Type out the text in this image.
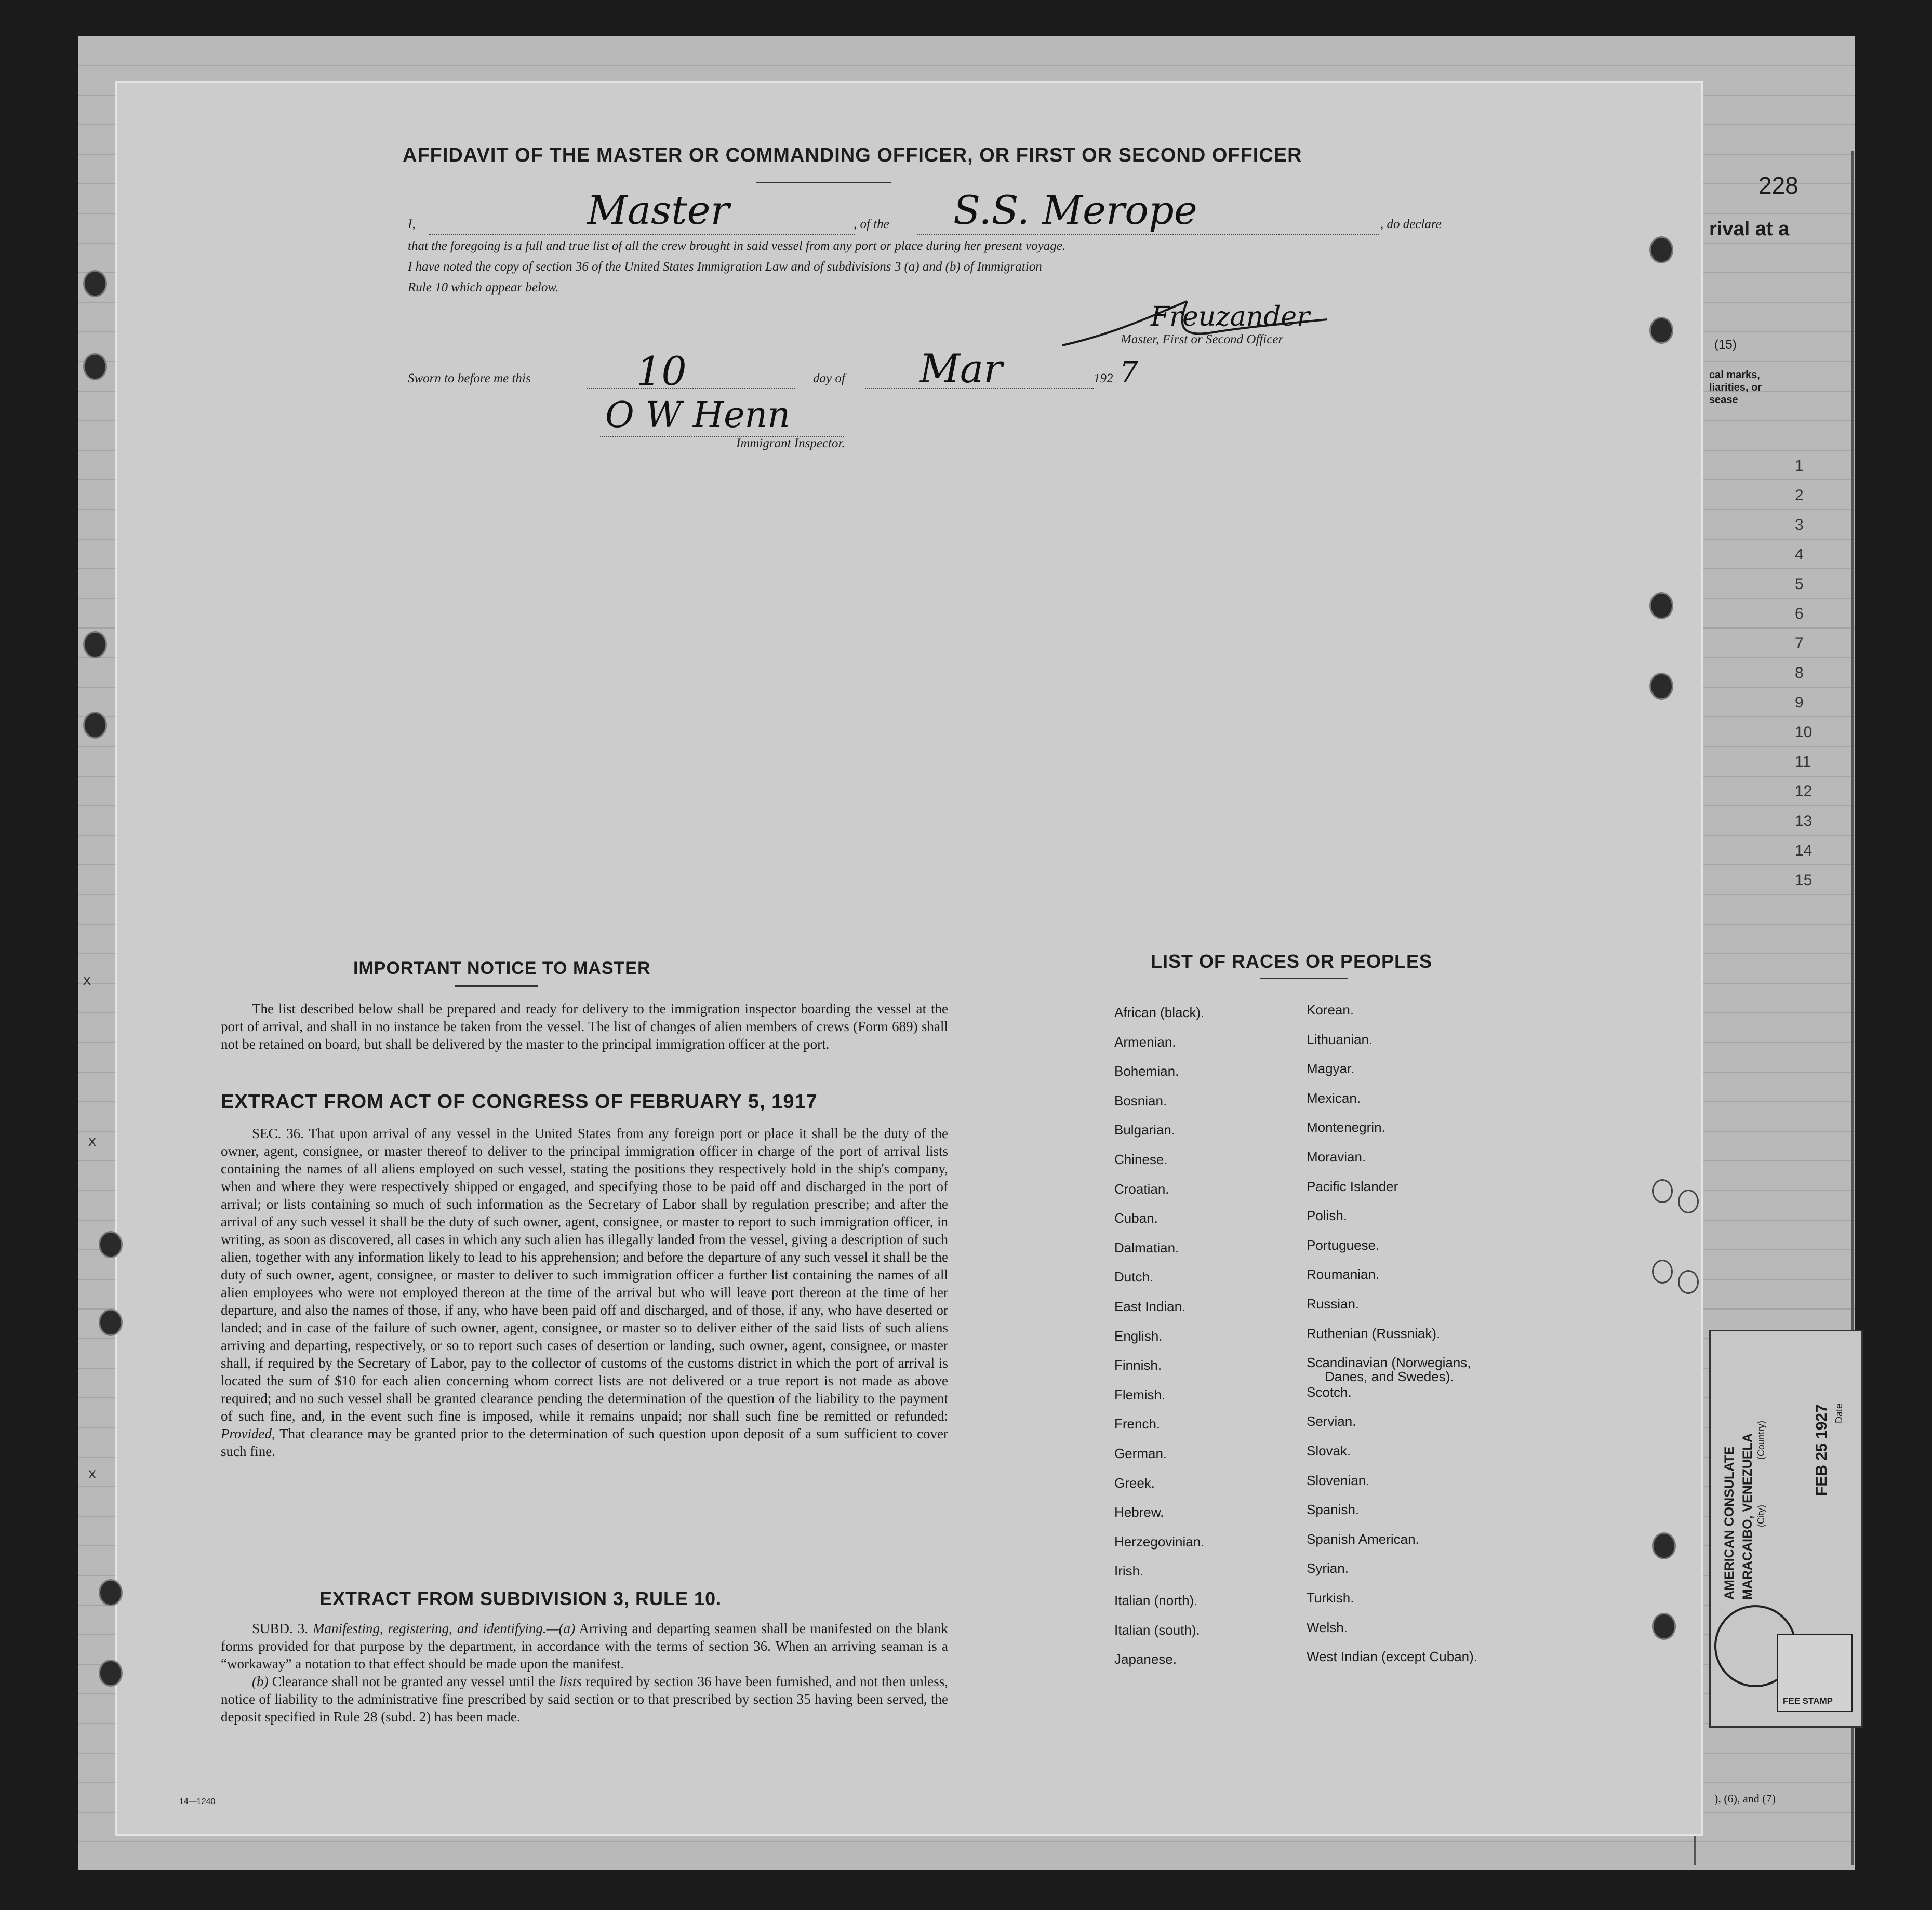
228
rival at a
(15)
cal marks,
liarities, or
sease
), (6), and (7)
1
2
3
4
5
6
7
8
9
10
11
12
13
14
15
AFFIDAVIT OF THE MASTER OR COMMANDING OFFICER, OR FIRST OR SECOND OFFICER
I,	Master	, of the S.S. Merope	, do declare
that the foregoing is a full and true list of all the crew brought in said vessel from any port or place during her present voyage.
I have noted the copy of section 36 of the United States Immigration Law and of subdivisions 3 (a) and (b) of Immigration
Rule 10 which appear below.
Freuzander
Master, First or Second Officer
Sworn to before me this	10	day of Mar	192 7
O W Henn
Immigrant Inspector.
IMPORTANT NOTICE TO MASTER
The list described below shall be prepared and ready for delivery to the immigration inspector boarding the vessel at the port of arrival, and shall in no instance be taken from the vessel. The list of changes of alien members of crews (Form 689) shall not be retained on board, but shall be delivered by the master to the principal immigration officer at the port.
EXTRACT FROM ACT OF CONGRESS OF FEBRUARY 5, 1917
SEC. 36. That upon arrival of any vessel in the United States from any foreign port or place it shall be the duty of the owner, agent, consignee, or master thereof to deliver to the principal immigration officer in charge of the port of arrival lists containing the names of all aliens employed on such vessel, stating the positions they respectively hold in the ship's company, when and where they were respectively shipped or engaged, and specifying those to be paid off and discharged in the port of arrival; or lists containing so much of such information as the Secretary of Labor shall by regulation prescribe; and after the arrival of any such vessel it shall be the duty of such owner, agent, consignee, or master to report to such immigration officer, in writing, as soon as discovered, all cases in which any such alien has illegally landed from the vessel, giving a description of such alien, together with any information likely to lead to his apprehension; and before the departure of any such vessel it shall be the duty of such owner, agent, consignee, or master to deliver to such immigration officer a further list containing the names of all alien employees who were not employed thereon at the time of the arrival but who will leave port thereon at the time of her departure, and also the names of those, if any, who have been paid off and discharged, and of those, if any, who have deserted or landed; and in case of the failure of such owner, agent, consignee, or master so to deliver either of the said lists of such aliens arriving and departing, respectively, or so to report such cases of desertion or landing, such owner, agent, consignee, or master shall, if required by the Secretary of Labor, pay to the collector of customs of the customs district in which the port of arrival is located the sum of $10 for each alien concerning whom correct lists are not delivered or a true report is not made as above required; and no such vessel shall be granted clearance pending the determination of the question of the liability to the payment of such fine, and, in the event such fine is imposed, while it remains unpaid; nor shall such fine be remitted or refunded: Provided, That clearance may be granted prior to the determination of such question upon deposit of a sum sufficient to cover such fine.
EXTRACT FROM SUBDIVISION 3, RULE 10.

SUBD. 3. Manifesting, registering, and identifying.—(a) Arriving and departing seamen shall be manifested on the blank forms provided for that purpose by the department, in accordance with the terms of section 36. When an arriving seaman is a “workaway” a notation to that effect should be made upon the manifest.

(b) Clearance shall not be granted any vessel until the lists required by section 36 have been furnished, and not then unless, notice of liability to the administrative fine prescribed by said section or to that prescribed by section 35 having been served, the deposit specified in Rule 28 (subd. 2) has been made.

14—1240
LIST OF RACES OR PEOPLES
African (black).
Armenian.
Bohemian.
Bosnian.
Bulgarian.
Chinese.
Croatian.
Cuban.
Dalmatian.
Dutch.
East Indian.
English.
Finnish.
Flemish.
French.
German.
Greek.
Hebrew.
Herzegovinian.
Irish.
Italian (north).
Italian (south).
Japanese.
Korean.
Lithuanian.
Magyar.
Mexican.
Montenegrin.
Moravian.
Pacific Islander
Polish.
Portuguese.
Roumanian.
Russian.
Ruthenian (Russniak).
Scandinavian (Norwegians,
Danes, and Swedes).
Scotch.
Servian.
Slovak.
Slovenian.
Spanish.
Spanish American.
Syrian.
Turkish.
Welsh.
West Indian (except Cuban).
AMERICAN CONSULATE MARACAIBO, VENEZUELA (City)
(Country)	FEB 25 1927 Date
FEE STAMP
x
x
x
